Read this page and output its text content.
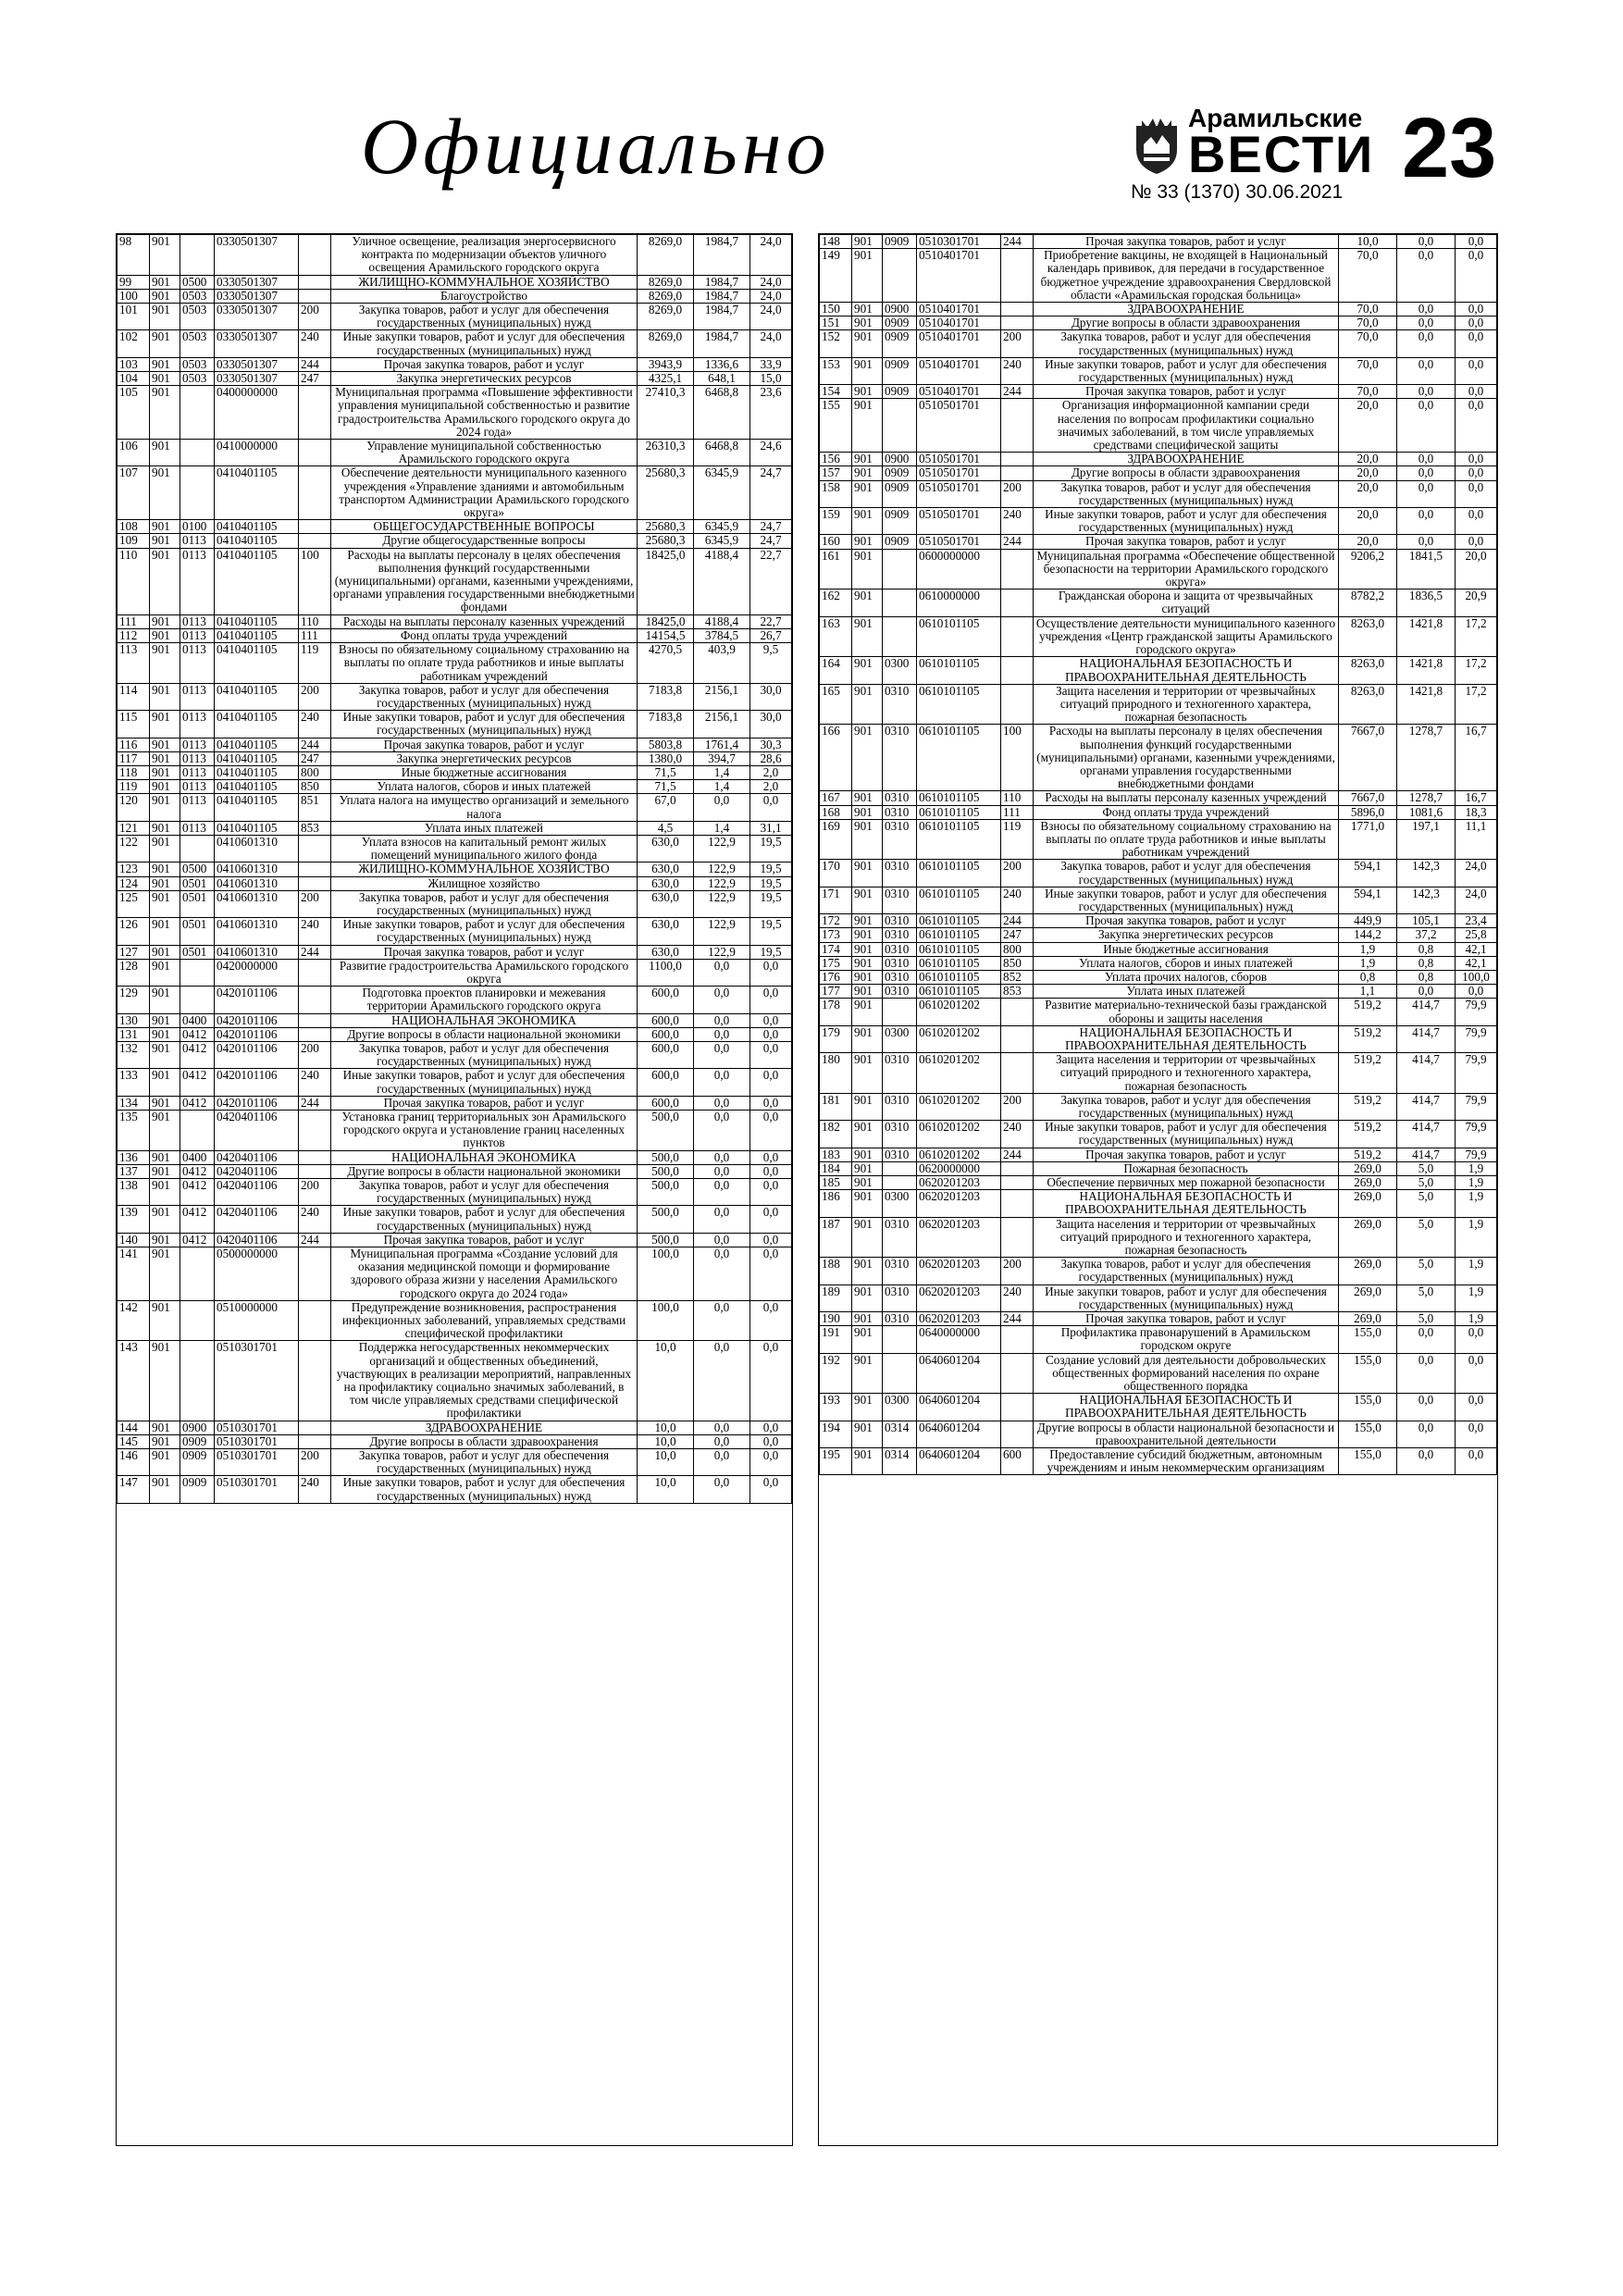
Официально	Арамильские
ВЕСТИ
№ 33 (1370) 30.06.2021 23
98	901		0330501307		Уличное освещение, реализация энергосервисного контракта по модернизации объектов уличного освещения Арамильского городского округа	8269,0	1984,7	24,0
99	901	0500	0330501307		ЖИЛИЩНО-КОММУНАЛЬНОЕ ХОЗЯЙСТВО	8269,0	1984,7	24,0
100	901	0503	0330501307		Благоустройство	8269,0	1984,7	24,0
101	901	0503	0330501307	200	Закупка товаров, работ и услуг для обеспечения государственных (муниципальных) нужд	8269,0	1984,7	24,0
102	901	0503	0330501307	240	Иные закупки товаров, работ и услуг для обеспечения государственных (муниципальных) нужд	8269,0	1984,7	24,0
103	901	0503	0330501307	244	Прочая закупка товаров, работ и услуг	3943,9	1336,6	33,9
104	901	0503	0330501307	247	Закупка энергетических ресурсов	4325,1	648,1	15,0
105	901		0400000000		Муниципальная программа «Повышение эффективности управления муниципальной собственностью и развитие градостроительства Арамильского городского округа до 2024 года»	27410,3	6468,8	23,6
106	901		0410000000		Управление муниципальной собственностью Арамильского городского округа	26310,3	6468,8	24,6
107	901		0410401105		Обеспечение деятельности муниципального казенного учреждения «Управление зданиями и автомобильным транспортом Администрации Арамильского городского округа»	25680,3	6345,9	24,7
108	901	0100	0410401105		ОБЩЕГОСУДАРСТВЕННЫЕ ВОПРОСЫ	25680,3	6345,9	24,7
109	901	0113	0410401105		Другие общегосударственные вопросы	25680,3	6345,9	24,7
110	901	0113	0410401105	100	Расходы на выплаты персоналу в целях обеспечения выполнения функций государственными (муниципальными) органами, казенными учреждениями, органами управления государственными внебюджетными фондами	18425,0	4188,4	22,7
111	901	0113	0410401105	110	Расходы на выплаты персоналу казенных учреждений	18425,0	4188,4	22,7
112	901	0113	0410401105	111	Фонд оплаты труда учреждений	14154,5	3784,5	26,7
113	901	0113	0410401105	119	Взносы по обязательному социальному страхованию на выплаты по оплате труда работников и иные выплаты работникам учреждений	4270,5	403,9	9,5
114	901	0113	0410401105	200	Закупка товаров, работ и услуг для обеспечения государственных (муниципальных) нужд	7183,8	2156,1	30,0
115	901	0113	0410401105	240	Иные закупки товаров, работ и услуг для обеспечения государственных (муниципальных) нужд	7183,8	2156,1	30,0
116	901	0113	0410401105	244	Прочая закупка товаров, работ и услуг	5803,8	1761,4	30,3
117	901	0113	0410401105	247	Закупка энергетических ресурсов	1380,0	394,7	28,6
118	901	0113	0410401105	800	Иные бюджетные ассигнования	71,5	1,4	2,0
119	901	0113	0410401105	850	Уплата налогов, сборов и иных платежей	71,5	1,4	2,0
120	901	0113	0410401105	851	Уплата налога на имущество организаций и земельного налога	67,0	0,0	0,0
121	901	0113	0410401105	853	Уплата иных платежей	4,5	1,4	31,1
122	901		0410601310		Уплата взносов на капитальный ремонт жилых помещений муниципального жилого фонда	630,0	122,9	19,5
123	901	0500	0410601310		ЖИЛИЩНО-КОММУНАЛЬНОЕ ХОЗЯЙСТВО	630,0	122,9	19,5
124	901	0501	0410601310		Жилищное хозяйство	630,0	122,9	19,5
125	901	0501	0410601310	200	Закупка товаров, работ и услуг для обеспечения государственных (муниципальных) нужд	630,0	122,9	19,5
126	901	0501	0410601310	240	Иные закупки товаров, работ и услуг для обеспечения государственных (муниципальных) нужд	630,0	122,9	19,5
127	901	0501	0410601310	244	Прочая закупка товаров, работ и услуг	630,0	122,9	19,5
128	901		0420000000		Развитие градостроительства Арамильского городского округа	1100,0	0,0	0,0
129	901		0420101106		Подготовка проектов планировки и межевания территории Арамильского городского округа	600,0	0,0	0,0
130	901	0400	0420101106		НАЦИОНАЛЬНАЯ ЭКОНОМИКА	600,0	0,0	0,0
131	901	0412	0420101106		Другие вопросы в области национальной экономики	600,0	0,0	0,0
132	901	0412	0420101106	200	Закупка товаров, работ и услуг для обеспечения государственных (муниципальных) нужд	600,0	0,0	0,0
133	901	0412	0420101106	240	Иные закупки товаров, работ и услуг для обеспечения государственных (муниципальных) нужд	600,0	0,0	0,0
134	901	0412	0420101106	244	Прочая закупка товаров, работ и услуг	600,0	0,0	0,0
135	901		0420401106		Установка границ территориальных зон Арамильского городского округа и установление границ населенных пунктов	500,0	0,0	0,0
136	901	0400	0420401106		НАЦИОНАЛЬНАЯ ЭКОНОМИКА	500,0	0,0	0,0
137	901	0412	0420401106		Другие вопросы в области национальной экономики	500,0	0,0	0,0
138	901	0412	0420401106	200	Закупка товаров, работ и услуг для обеспечения государственных (муниципальных) нужд	500,0	0,0	0,0
139	901	0412	0420401106	240	Иные закупки товаров, работ и услуг для обеспечения государственных (муниципальных) нужд	500,0	0,0	0,0
140	901	0412	0420401106	244	Прочая закупка товаров, работ и услуг	500,0	0,0	0,0
141	901		0500000000		Муниципальная программа «Создание условий для оказания медицинской помощи и формирование здорового образа жизни у населения Арамильского городского округа до 2024 года»	100,0	0,0	0,0
142	901		0510000000		Предупреждение возникновения, распространения инфекционных заболеваний, управляемых средствами специфической профилактики	100,0	0,0	0,0
143	901		0510301701		Поддержка негосударственных некоммерческих организаций и общественных объединений, участвующих в реализации мероприятий, направленных на профилактику социально значимых заболеваний, в том числе управляемых средствами специфической профилактики	10,0	0,0	0,0
144	901	0900	0510301701		ЗДРАВООХРАНЕНИЕ	10,0	0,0	0,0
145	901	0909	0510301701		Другие вопросы в области здравоохранения	10,0	0,0	0,0
146	901	0909	0510301701	200	Закупка товаров, работ и услуг для обеспечения государственных (муниципальных) нужд	10,0	0,0	0,0
147	901	0909	0510301701	240	Иные закупки товаров, работ и услуг для обеспечения государственных (муниципальных) нужд	10,0	0,0	0,0
148	901	0909	0510301701	244	Прочая закупка товаров, работ и услуг	10,0	0,0	0,0
149	901		0510401701		Приобретение вакцины, не входящей в Национальный календарь прививок, для передачи в государственное бюджетное учреждение здравоохранения Свердловской области «Арамильская городская больница»	70,0	0,0	0,0
150	901	0900	0510401701		ЗДРАВООХРАНЕНИЕ	70,0	0,0	0,0
151	901	0909	0510401701		Другие вопросы в области здравоохранения	70,0	0,0	0,0
152	901	0909	0510401701	200	Закупка товаров, работ и услуг для обеспечения государственных (муниципальных) нужд	70,0	0,0	0,0
153	901	0909	0510401701	240	Иные закупки товаров, работ и услуг для обеспечения государственных (муниципальных) нужд	70,0	0,0	0,0
154	901	0909	0510401701	244	Прочая закупка товаров, работ и услуг	70,0	0,0	0,0
155	901		0510501701		Организация информационной кампании среди населения по вопросам профилактики социально значимых заболеваний, в том числе управляемых средствами специфической защиты	20,0	0,0	0,0
156	901	0900	0510501701		ЗДРАВООХРАНЕНИЕ	20,0	0,0	0,0
157	901	0909	0510501701		Другие вопросы в области здравоохранения	20,0	0,0	0,0
158	901	0909	0510501701	200	Закупка товаров, работ и услуг для обеспечения государственных (муниципальных) нужд	20,0	0,0	0,0
159	901	0909	0510501701	240	Иные закупки товаров, работ и услуг для обеспечения государственных (муниципальных) нужд	20,0	0,0	0,0
160	901	0909	0510501701	244	Прочая закупка товаров, работ и услуг	20,0	0,0	0,0
161	901		0600000000		Муниципальная программа «Обеспечение общественной безопасности на территории Арамильского городского округа»	9206,2	1841,5	20,0
162	901		0610000000		Гражданская оборона и защита от чрезвычайных ситуаций	8782,2	1836,5	20,9
163	901		0610101105		Осуществление деятельности муниципального казенного учреждения «Центр гражданской защиты Арамильского городского округа»	8263,0	1421,8	17,2
164	901	0300	0610101105		НАЦИОНАЛЬНАЯ БЕЗОПАСНОСТЬ И ПРАВООХРАНИТЕЛЬНАЯ ДЕЯТЕЛЬНОСТЬ	8263,0	1421,8	17,2
165	901	0310	0610101105		Защита населения и территории от чрезвычайных ситуаций природного и техногенного характера, пожарная безопасность	8263,0	1421,8	17,2
166	901	0310	0610101105	100	Расходы на выплаты персоналу в целях обеспечения выполнения функций государственными (муниципальными) органами, казенными учреждениями, органами управления государственными внебюджетными фондами	7667,0	1278,7	16,7
167	901	0310	0610101105	110	Расходы на выплаты персоналу казенных учреждений	7667,0	1278,7	16,7
168	901	0310	0610101105	111	Фонд оплаты труда учреждений	5896,0	1081,6	18,3
169	901	0310	0610101105	119	Взносы по обязательному социальному страхованию на выплаты по оплате труда работников и иные выплаты работникам учреждений	1771,0	197,1	11,1
170	901	0310	0610101105	200	Закупка товаров, работ и услуг для обеспечения государственных (муниципальных) нужд	594,1	142,3	24,0
171	901	0310	0610101105	240	Иные закупки товаров, работ и услуг для обеспечения государственных (муниципальных) нужд	594,1	142,3	24,0
172	901	0310	0610101105	244	Прочая закупка товаров, работ и услуг	449,9	105,1	23,4
173	901	0310	0610101105	247	Закупка энергетических ресурсов	144,2	37,2	25,8
174	901	0310	0610101105	800	Иные бюджетные ассигнования	1,9	0,8	42,1
175	901	0310	0610101105	850	Уплата налогов, сборов и иных платежей	1,9	0,8	42,1
176	901	0310	0610101105	852	Уплата прочих налогов, сборов	0,8	0,8	100,0
177	901	0310	0610101105	853	Уплата иных платежей	1,1	0,0	0,0
178	901		0610201202		Развитие материально-технической базы гражданской обороны и защиты населения	519,2	414,7	79,9
179	901	0300	0610201202		НАЦИОНАЛЬНАЯ БЕЗОПАСНОСТЬ И ПРАВООХРАНИТЕЛЬНАЯ ДЕЯТЕЛЬНОСТЬ	519,2	414,7	79,9
180	901	0310	0610201202		Защита населения и территории от чрезвычайных ситуаций природного и техногенного характера, пожарная безопасность	519,2	414,7	79,9
181	901	0310	0610201202	200	Закупка товаров, работ и услуг для обеспечения государственных (муниципальных) нужд	519,2	414,7	79,9
182	901	0310	0610201202	240	Иные закупки товаров, работ и услуг для обеспечения государственных (муниципальных) нужд	519,2	414,7	79,9
183	901	0310	0610201202	244	Прочая закупка товаров, работ и услуг	519,2	414,7	79,9
184	901		0620000000		Пожарная безопасность	269,0	5,0	1,9
185	901		0620201203		Обеспечение первичных мер пожарной безопасности	269,0	5,0	1,9
186	901	0300	0620201203		НАЦИОНАЛЬНАЯ БЕЗОПАСНОСТЬ И ПРАВООХРАНИТЕЛЬНАЯ ДЕЯТЕЛЬНОСТЬ	269,0	5,0	1,9
187	901	0310	0620201203		Защита населения и территории от чрезвычайных ситуаций природного и техногенного характера, пожарная безопасность	269,0	5,0	1,9
188	901	0310	0620201203	200	Закупка товаров, работ и услуг для обеспечения государственных (муниципальных) нужд	269,0	5,0	1,9
189	901	0310	0620201203	240	Иные закупки товаров, работ и услуг для обеспечения государственных (муниципальных) нужд	269,0	5,0	1,9
190	901	0310	0620201203	244	Прочая закупка товаров, работ и услуг	269,0	5,0	1,9
191	901		0640000000		Профилактика правонарушений в Арамильском городском округе	155,0	0,0	0,0
192	901		0640601204		Создание условий для деятельности добровольческих общественных формирований населения по охране общественного порядка	155,0	0,0	0,0
193	901	0300	0640601204		НАЦИОНАЛЬНАЯ БЕЗОПАСНОСТЬ И ПРАВООХРАНИТЕЛЬНАЯ ДЕЯТЕЛЬНОСТЬ	155,0	0,0	0,0
194	901	0314	0640601204		Другие вопросы в области национальной безопасности и правоохранительной деятельности	155,0	0,0	0,0
195	901	0314	0640601204	600	Предоставление субсидий бюджетным, автономным учреждениям и иным некоммерческим организациям	155,0	0,0	0,0
